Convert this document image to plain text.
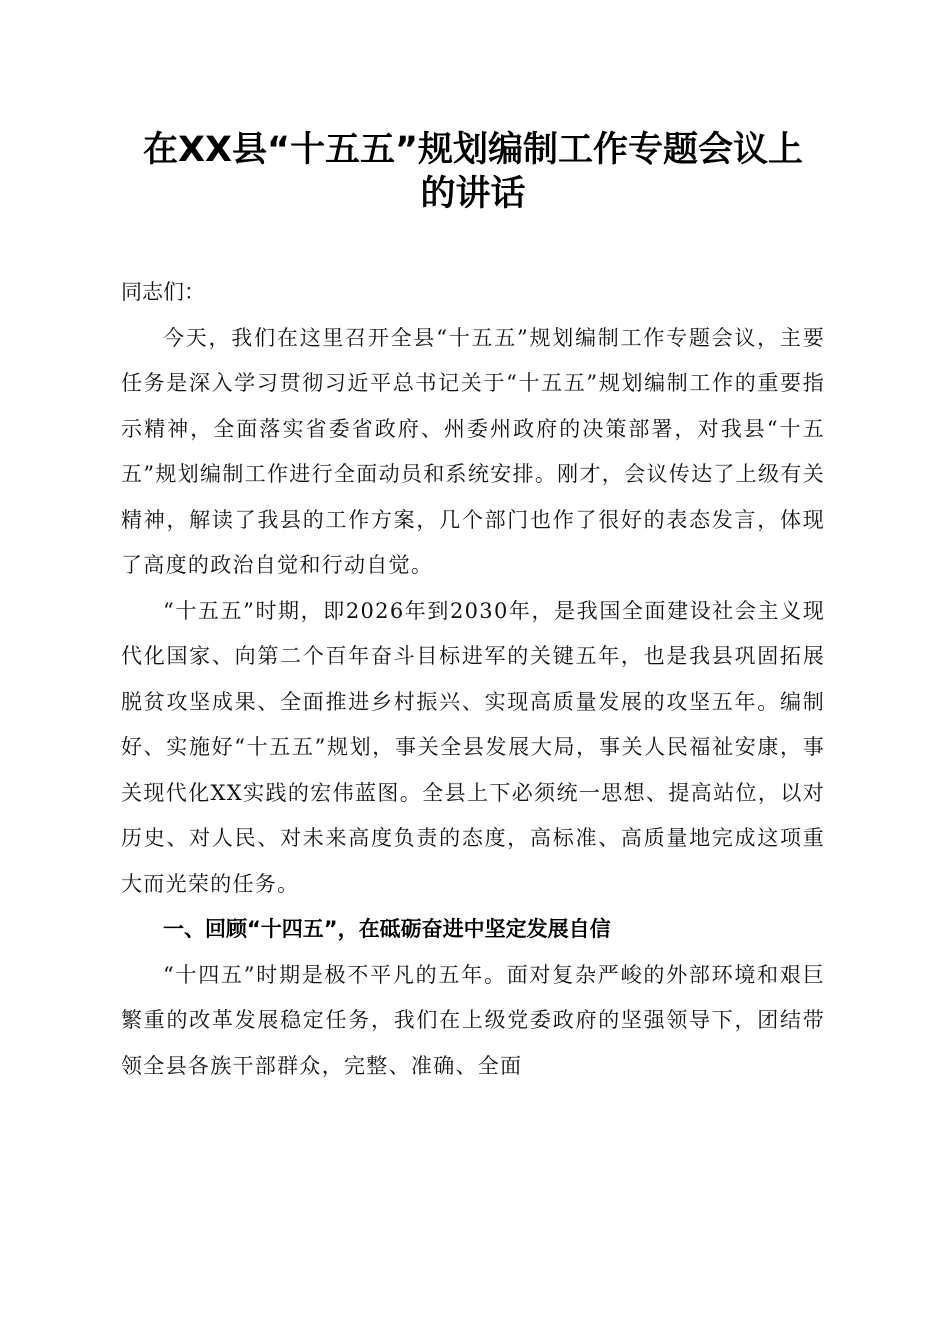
在XX县“十五五”规划编制工作专题会议上
的讲话

同志们：

今天，我们在这里召开全县“十五五”规划编制工作专题会议，主要任务是深入学习贯彻习近平总书记关于“十五五”规划编制工作的重要指示精神，全面落实省委省政府、州委州政府的决策部署，对我县“十五五”规划编制工作进行全面动员和系统安排。刚才，会议传达了上级有关精神，解读了我县的工作方案，几个部门也作了很好的表态发言，体现了高度的政治自觉和行动自觉。

“十五五”时期，即2026年到2030年，是我国全面建设社会主义现代化国家、向第二个百年奋斗目标进军的关键五年，也是我县巩固拓展脱贫攻坚成果、全面推进乡村振兴、实现高质量发展的攻坚五年。编制好、实施好“十五五”规划，事关全县发展大局，事关人民福祉安康，事关现代化XX实践的宏伟蓝图。全县上下必须统一思想、提高站位，以对历史、对人民、对未来高度负责的态度，高标准、高质量地完成这项重大而光荣的任务。

一、回顾“十四五”，在砥砺奋进中坚定发展自信

“十四五”时期是极不平凡的五年。面对复杂严峻的外部环境和艰巨繁重的改革发展稳定任务，我们在上级党委政府的坚强领导下，团结带领全县各族干部群众，完整、准确、全面
